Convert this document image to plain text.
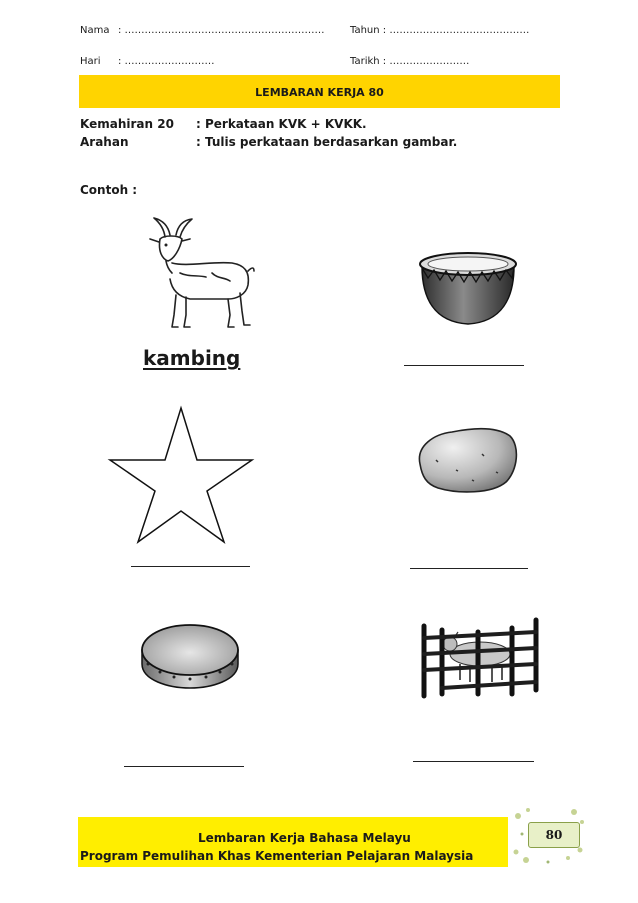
Nama : ……………………………………………………	Tahun : ……………………………………
Hari : ………………………	Tarikh : ……………………
LEMBARAN KERJA 80
Kemahiran 20 : Perkataan KVK + KVKK.
Arahan	: Tulis perkataan berdasarkan gambar.
Contoh :
kambing
Lembaran Kerja Bahasa Melayu
Program Pemulihan Khas Kementerian Pelajaran Malaysia
80
